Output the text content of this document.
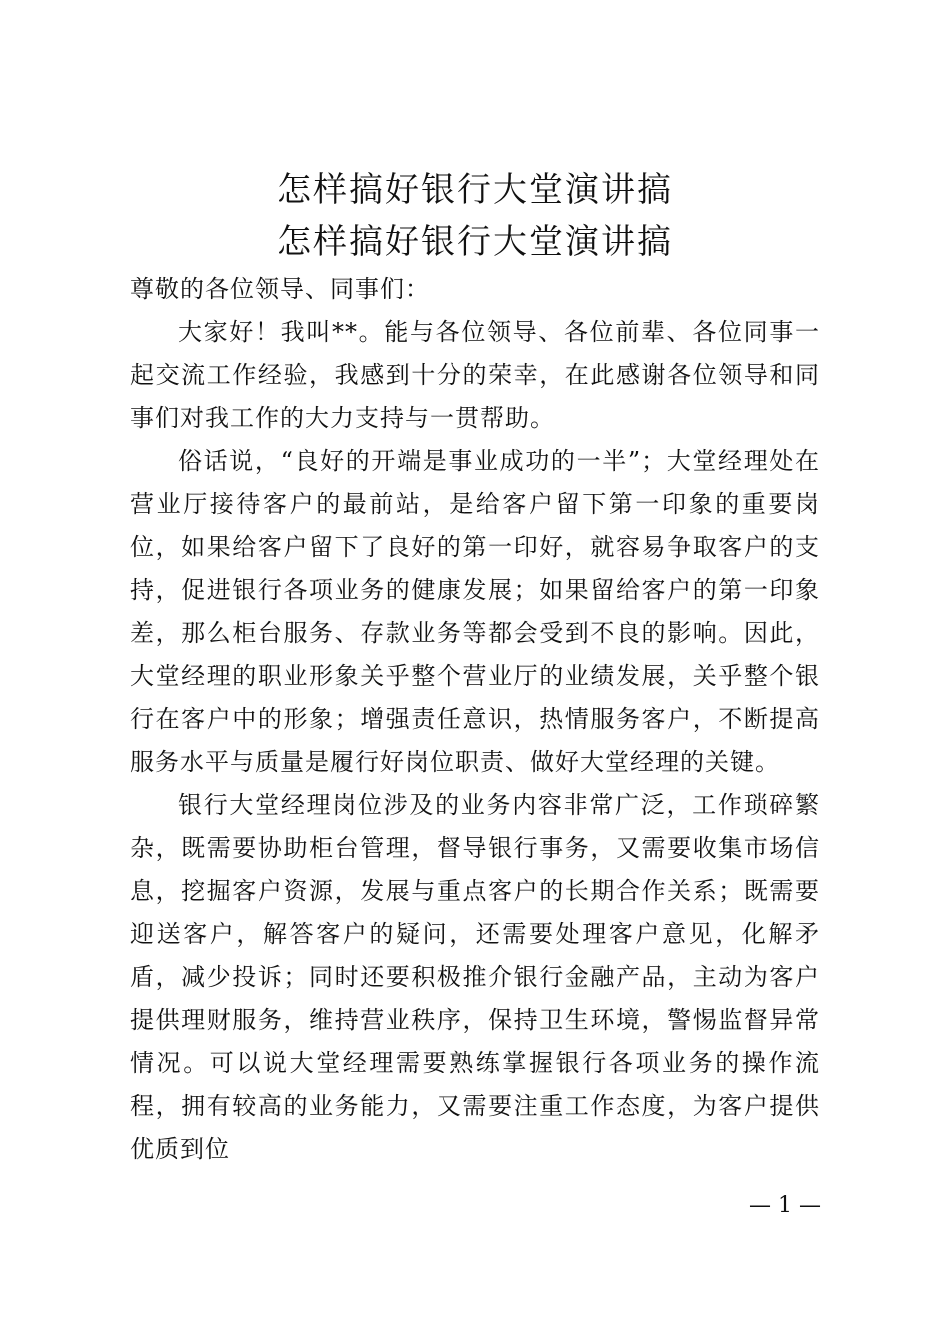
怎样搞好银行大堂演讲搞
怎样搞好银行大堂演讲搞

尊敬的各位领导、同事们：

大家好！我叫**。能与各位领导、各位前辈、各位同事一起交流工作经验，我感到十分的荣幸，在此感谢各位领导和同事们对我工作的大力支持与一贯帮助。

俗话说，“良好的开端是事业成功的一半”；大堂经理处在营业厅接待客户的最前站，是给客户留下第一印象的重要岗位，如果给客户留下了良好的第一印好，就容易争取客户的支持，促进银行各项业务的健康发展；如果留给客户的第一印象差，那么柜台服务、存款业务等都会受到不良的影响。因此，大堂经理的职业形象关乎整个营业厅的业绩发展，关乎整个银行在客户中的形象；增强责任意识，热情服务客户，不断提高服务水平与质量是履行好岗位职责、做好大堂经理的关键。

银行大堂经理岗位涉及的业务内容非常广泛，工作琐碎繁杂，既需要协助柜台管理，督导银行事务，又需要收集市场信息，挖掘客户资源，发展与重点客户的长期合作关系；既需要迎送客户，解答客户的疑问，还需要处理客户意见，化解矛盾，减少投诉；同时还要积极推介银行金融产品，主动为客户提供理财服务，维持营业秩序，保持卫生环境，警惕监督异常情况。可以说大堂经理需要熟练掌握银行各项业务的操作流程，拥有较高的业务能力，又需要注重工作态度，为客户提供优质到位

— 1 —
